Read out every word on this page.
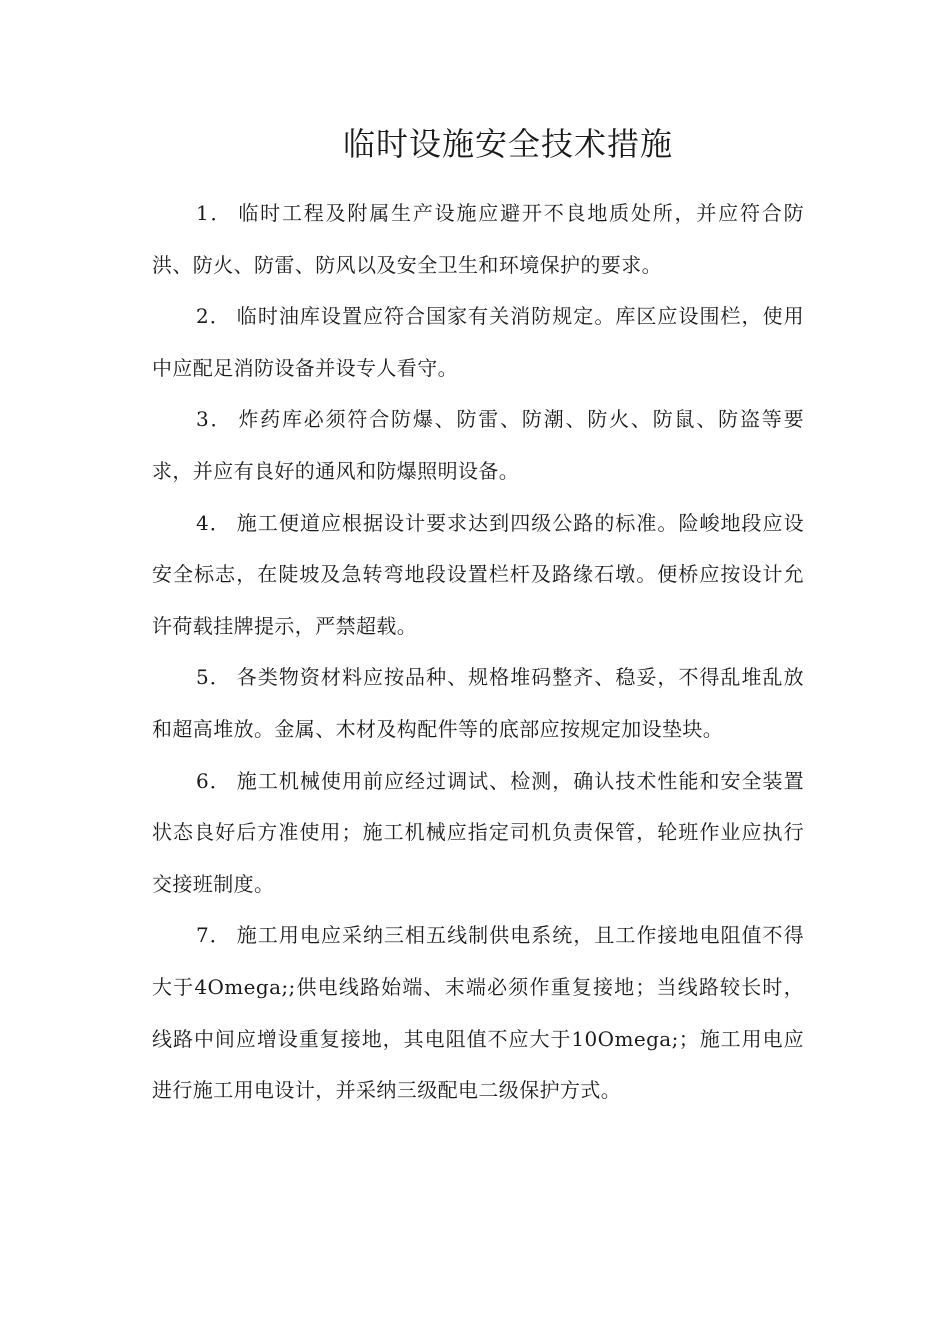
临时设施安全技术措施

1． 临时工程及附属生产设施应避开不良地质处所，并应符合防洪、防火、防雷、防风以及安全卫生和环境保护的要求。

2． 临时油库设置应符合国家有关消防规定。库区应设围栏，使用中应配足消防设备并设专人看守。

3． 炸药库必须符合防爆、防雷、防潮、防火、防鼠、防盗等要求，并应有良好的通风和防爆照明设备。

4． 施工便道应根据设计要求达到四级公路的标准。险峻地段应设安全标志，在陡坡及急转弯地段设置栏杆及路缘石墩。便桥应按设计允许荷载挂牌提示，严禁超载。

5． 各类物资材料应按品种、规格堆码整齐、稳妥，不得乱堆乱放和超高堆放。金属、木材及构配件等的底部应按规定加设垫块。

6． 施工机械使用前应经过调试、检测，确认技术性能和安全装置状态良好后方准使用；施工机械应指定司机负责保管，轮班作业应执行交接班制度。

7． 施工用电应采纳三相五线制供电系统，且工作接地电阻值不得大于4Omega;;供电线路始端、末端必须作重复接地；当线路较长时，线路中间应增设重复接地，其电阻值不应大于10Omega;；施工用电应进行施工用电设计，并采纳三级配电二级保护方式。
